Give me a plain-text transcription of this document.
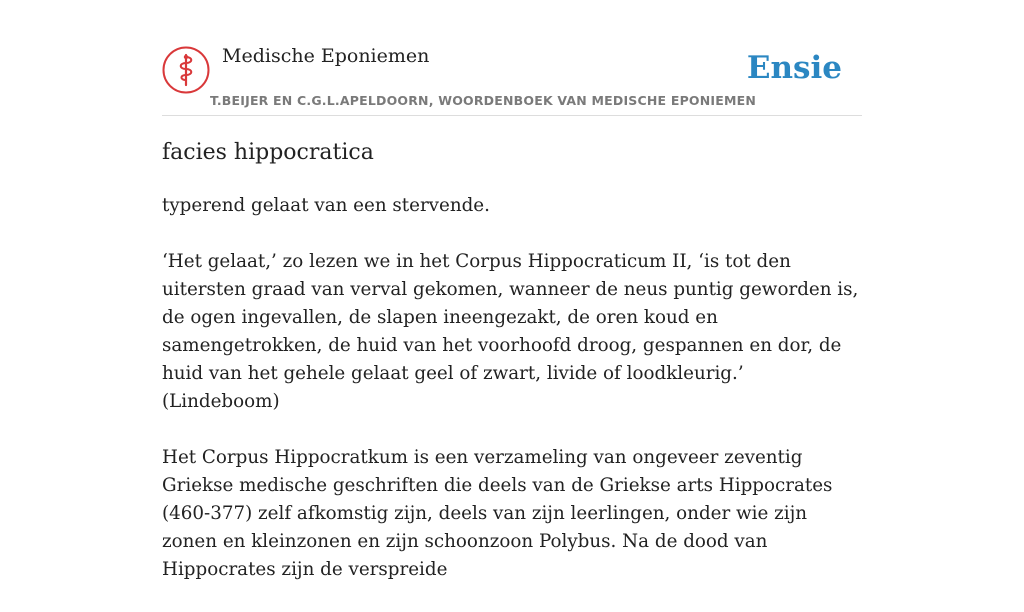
Medische Eponiemen
T.BEIJER EN C.G.L.APELDOORN, WOORDENBOEK VAN MEDISCHE EPONIEMEN
Ensie
facies hippocratica

typerend gelaat van een stervende.

‘Het gelaat,’ zo lezen we in het Corpus Hippocraticum II, ‘is tot den uitersten graad van verval gekomen, wanneer de neus puntig geworden is, de ogen ingevallen, de slapen ineengezakt, de oren koud en samengetrokken, de huid van het voorhoofd droog, gespannen en dor, de huid van het gehele gelaat geel of zwart, livide of loodkleurig.’ (Lindeboom)

Het Corpus Hippocratkum is een verzameling van ongeveer zeventig Griekse medische geschriften die deels van de Griekse arts Hippocrates (460-377) zelf afkomstig zijn, deels van zijn leerlingen, onder wie zijn zonen en kleinzonen en zijn schoonzoon Polybus. Na de dood van Hippocrates zijn de verspreide
